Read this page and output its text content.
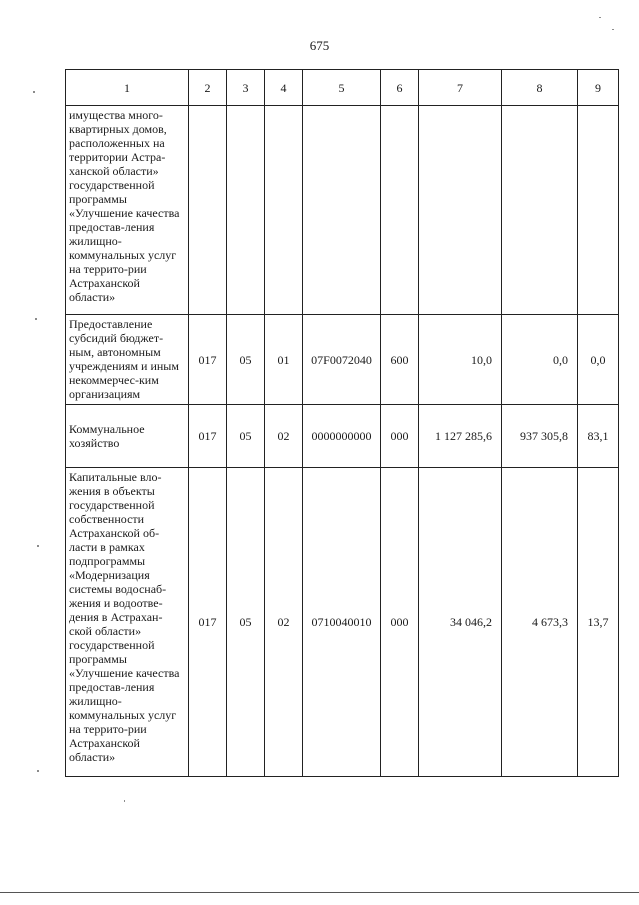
675
1	2	3	4	5	6	7	8	9
имущества много-квартирных домов, расположенных на территории Астра-ханской области» государственной программы «Улучшение качества предостав-ления жилищно-коммунальных услуг на террито-рии Астраханской области»								
Предоставление субсидий бюджет-ным, автономным учреждениям и иным некоммерчес-ким организациям	017	05	01	07F0072040	600	10,0	0,0	0,0
Коммунальное хозяйство	017	05	02	0000000000	000	1 127 285,6	937 305,8	83,1
Капитальные вло-жения в объекты государственной собственности Астраханской об-ласти в рамках подпрограммы «Модернизация системы водоснаб-жения и водоотве-дения в Астрахан-ской области» государственной программы «Улучшение качества предостав-ления жилищно-коммунальных услуг на террито-рии Астраханской области»	017	05	02	0710040010	000	34 046,2	4 673,3	13,7
